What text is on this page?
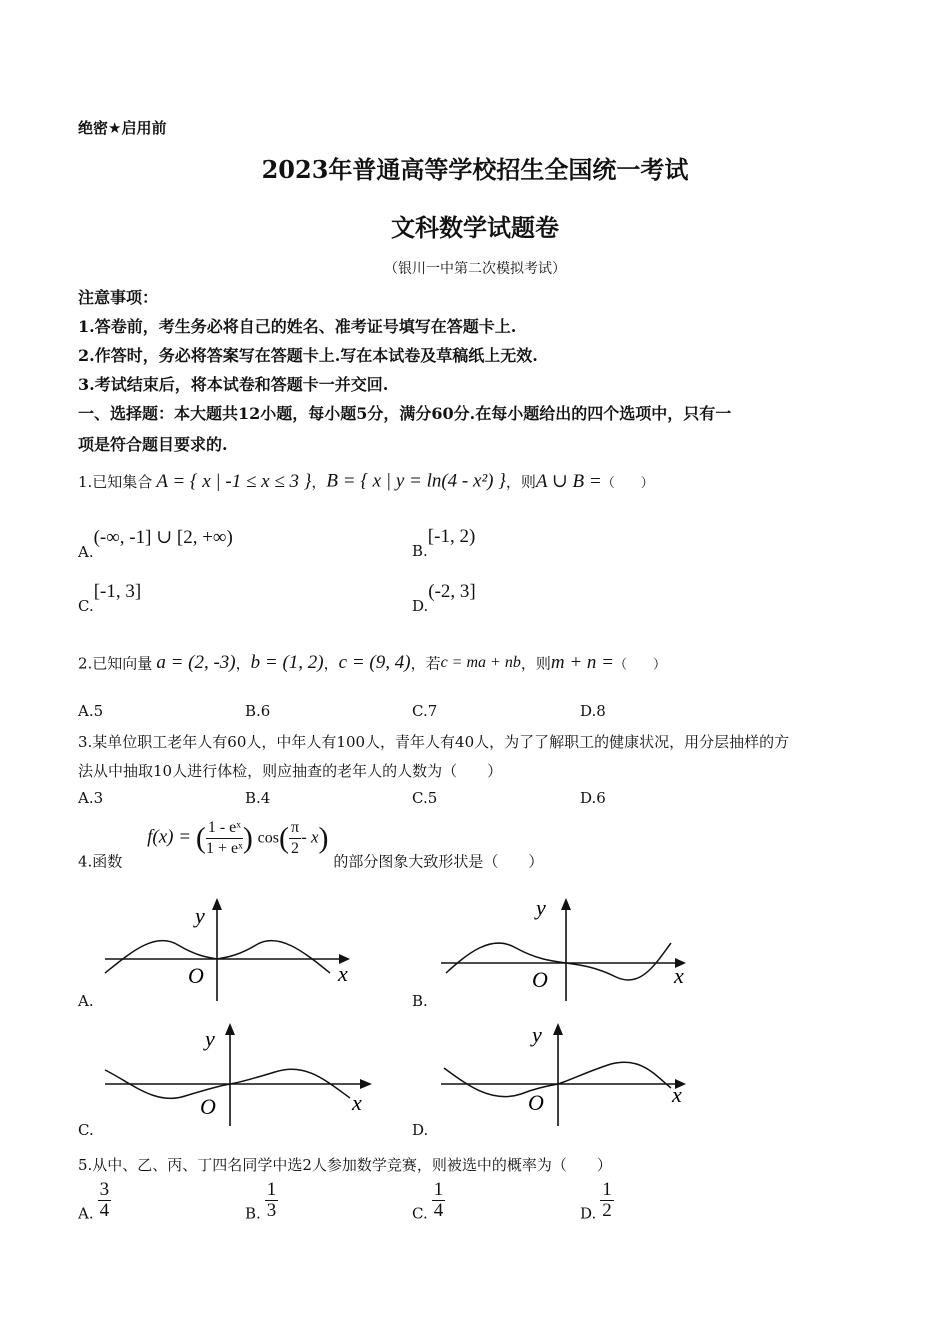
绝密★启用前
2023年普通高等学校招生全国统一考试
文科数学试题卷
（银川一中第二次模拟考试）
注意事项：
1.答卷前，考生务必将自己的姓名、准考证号填写在答题卡上.
2.作答时，务必将答案写在答题卡上.写在本试卷及草稿纸上无效.
3.考试结束后，将本试卷和答题卡一并交回.
一、选择题：本大题共12小题，每小题5分，满分60分.在每小题给出的四个选项中，只有一
项是符合题目要求的.
1.已知集合 A = { x | -1 ≤ x ≤ 3 }，B = { x | y = ln(4 - x²) }，则A ∪ B =（　　）
A.(-∞, -1] ∪ [2, +∞)
B.[-1, 2)
C.[-1, 3]
D.(-2, 3]
2.已知向量 a = (2, -3)，b = (1, 2)，c = (9, 4)，若c = ma + nb，则m + n =（　　）
A.5	B.6	C.7	D.8
3.某单位职工老年人有60人，中年人有100人，青年人有40人，为了了解职工的健康状况，用分层抽样的方
法从中抽取10人进行体检，则应抽查的老年人的人数为（　　）
A.3	B.4	C.5	D.6
4.函数 f(x) = ( $\frac{\text{1 - eˣ}}{\text{1 + eˣ}}$ ) $\cos( \frac{\pi}{2} - x)$ 的部分图象大致形状是（　　）
A.
y
x
O
B.
y
x
O
C.
y
x
O
D.
y
x
O
5.从中、乙、丙、丁四名同学中选2人参加数学竞赛，则被选中的概率为（　　）
A. $\frac{3}{4}$	B. $\frac{1}{3}$	C. $\frac{1}{4}$	D. $\frac{1}{2}$
